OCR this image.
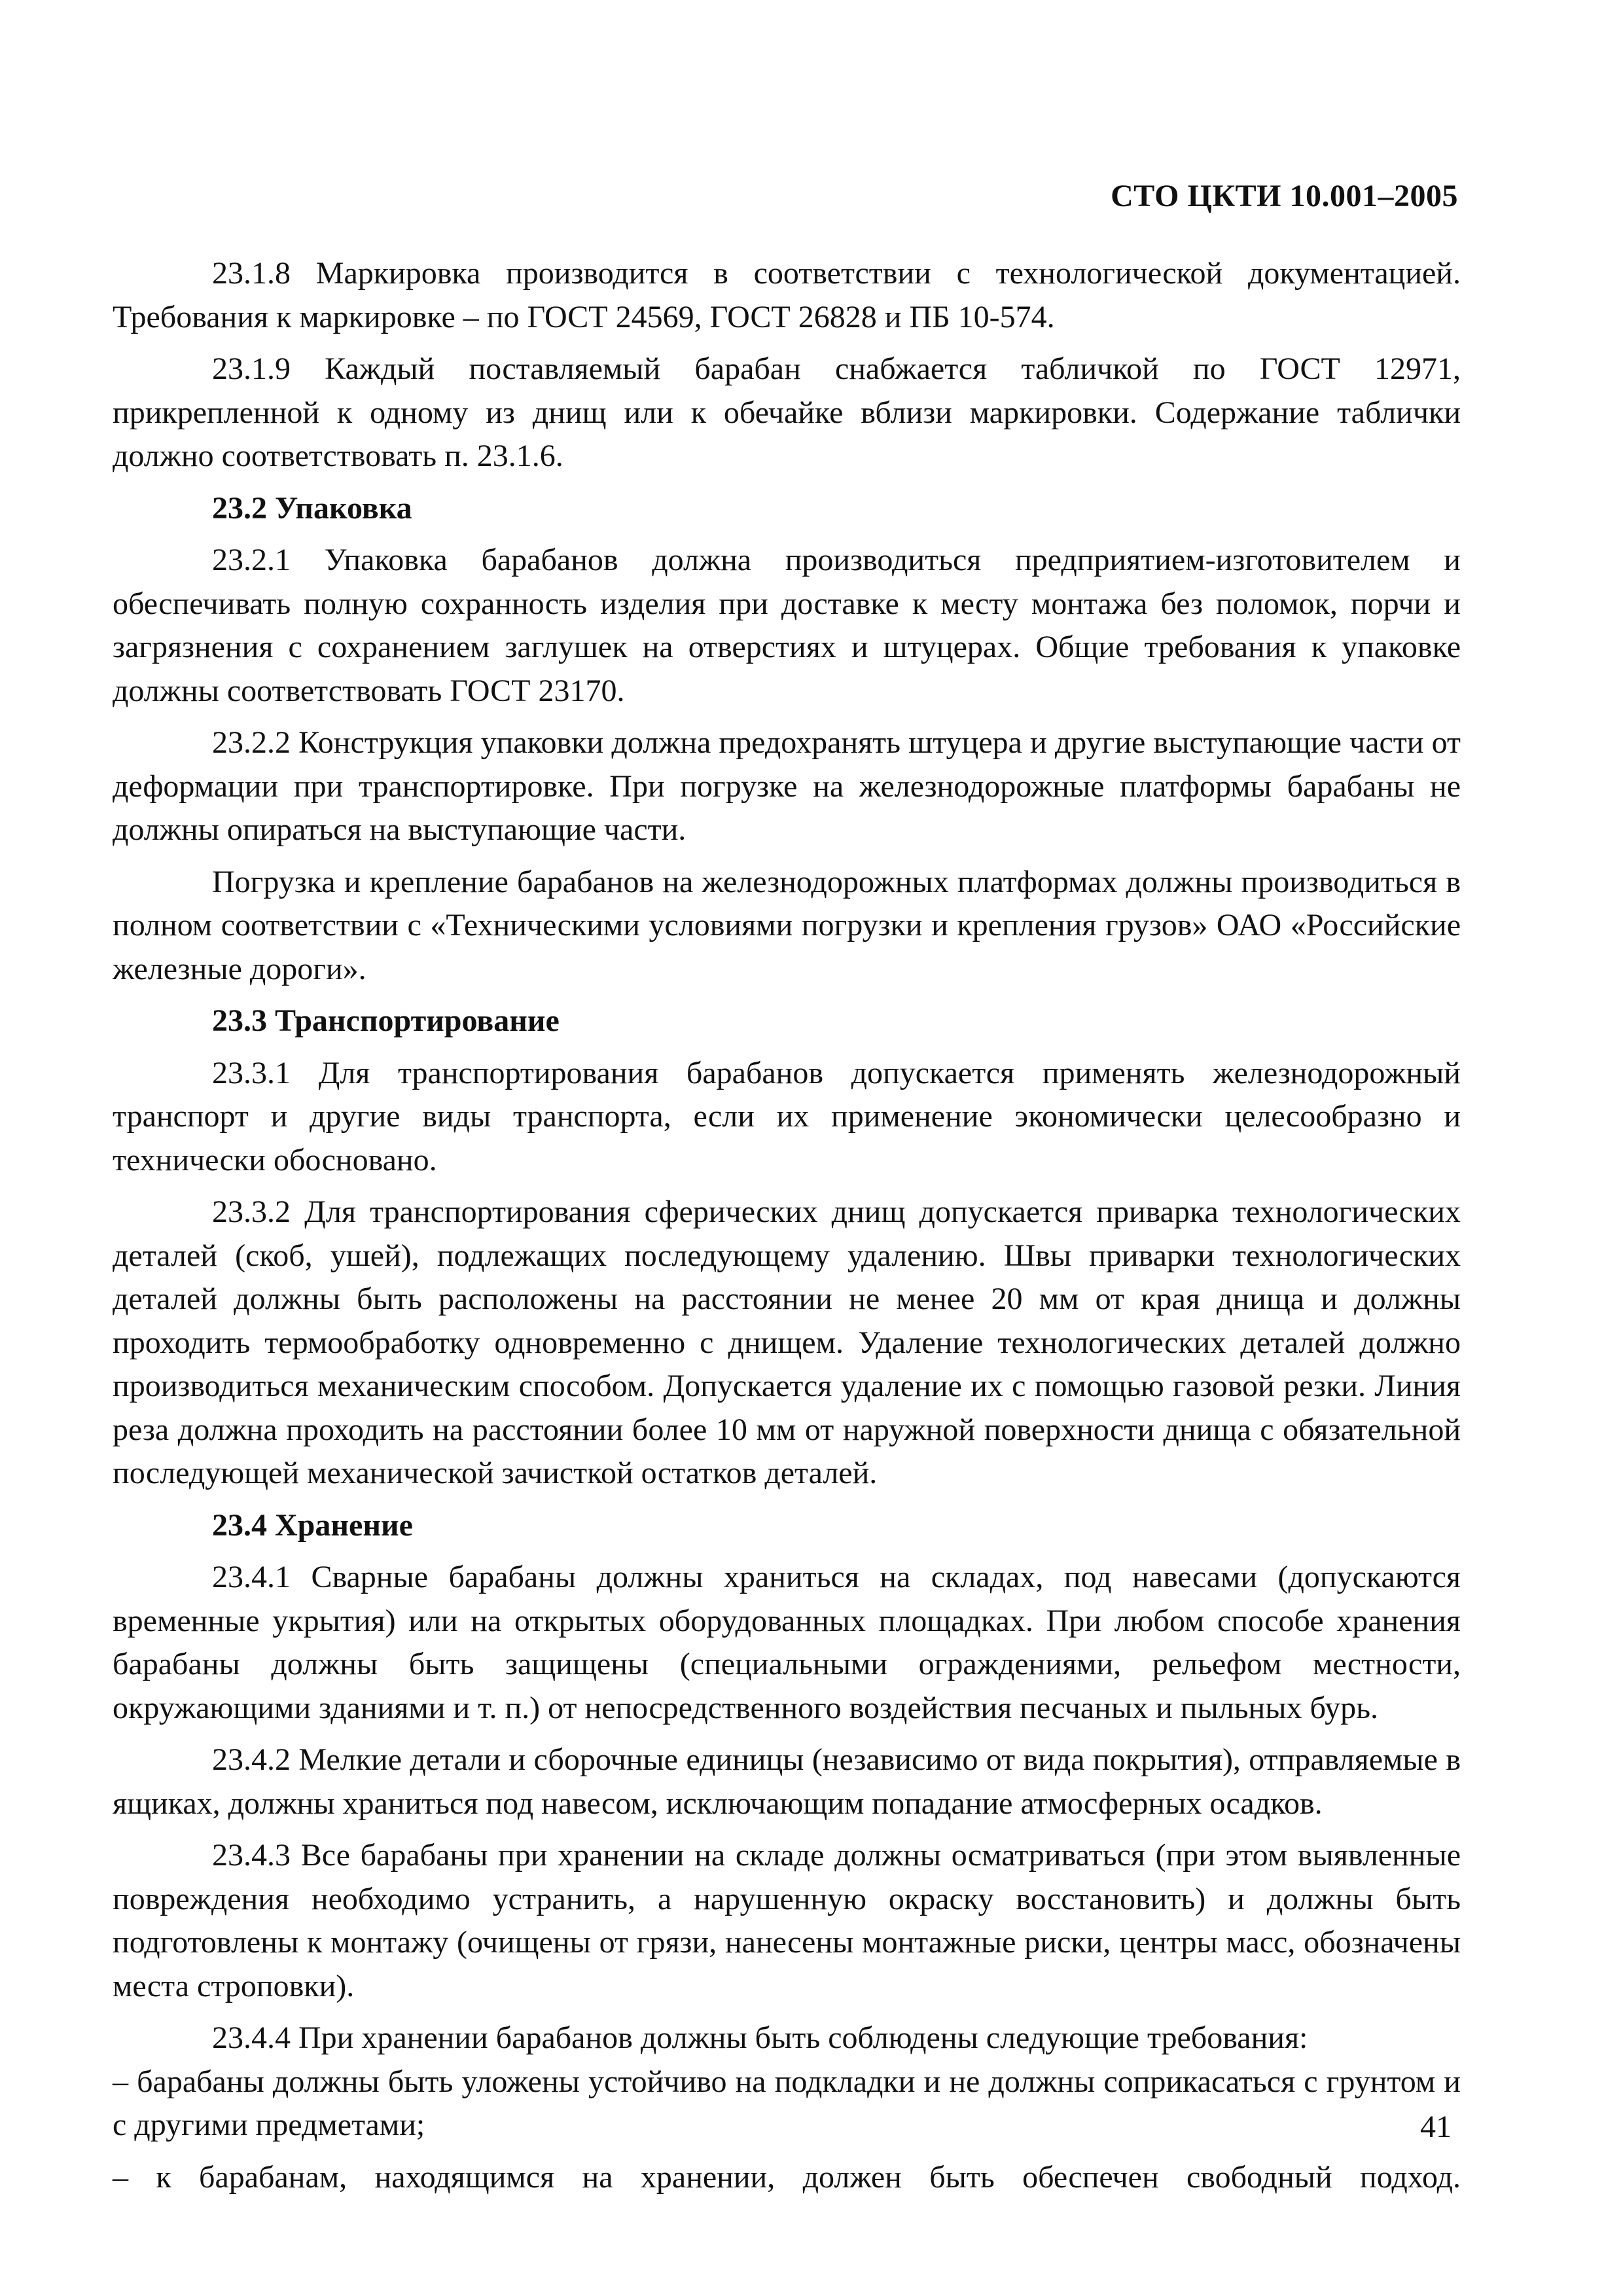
СТО ЦКТИ 10.001–2005

23.1.8 Маркировка производится в соответствии с технологической документацией. Требования к маркировке – по ГОСТ 24569, ГОСТ 26828 и ПБ 10-574.

23.1.9 Каждый поставляемый барабан снабжается табличкой по ГОСТ 12971, прикрепленной к одному из днищ или к обечайке вблизи маркировки. Содержание таблички должно соответствовать п. 23.1.6.

23.2 Упаковка

23.2.1 Упаковка барабанов должна производиться предприятием-изготовителем и обеспечивать полную сохранность изделия при доставке к месту монтажа без поломок, порчи и загрязнения с сохранением заглушек на отверстиях и штуцерах. Общие требования к упаковке должны соответствовать ГОСТ 23170.

23.2.2 Конструкция упаковки должна предохранять штуцера и другие выступающие части от деформации при транспортировке. При погрузке на железнодорожные платформы барабаны не должны опираться на выступающие части.

Погрузка и крепление барабанов на железнодорожных платформах должны производиться в полном соответствии с «Техническими условиями погрузки и крепления грузов» ОАО «Российские железные дороги».

23.3 Транспортирование

23.3.1 Для транспортирования барабанов допускается применять железнодорожный транспорт и другие виды транспорта, если их применение экономически целесообразно и технически обосновано.

23.3.2 Для транспортирования сферических днищ допускается приварка технологических деталей (скоб, ушей), подлежащих последующему удалению. Швы приварки технологических деталей должны быть расположены на расстоянии не менее 20 мм от края днища и должны проходить термообработку одновременно с днищем. Удаление технологических деталей должно производиться механическим способом. Допускается удаление их с помощью газовой резки. Линия реза должна проходить на расстоянии более 10 мм от наружной поверхности днища с обязательной последующей механической зачисткой остатков деталей.

23.4 Хранение

23.4.1 Сварные барабаны должны храниться на складах, под навесами (допускаются временные укрытия) или на открытых оборудованных площадках. При любом способе хранения барабаны должны быть защищены (специальными ограждениями, рельефом местности, окружающими зданиями и т. п.) от непосредственного воздействия песчаных и пыльных бурь.

23.4.2 Мелкие детали и сборочные единицы (независимо от вида покрытия), отправляемые в ящиках, должны храниться под навесом, исключающим попадание атмосферных осадков.

23.4.3 Все барабаны при хранении на складе должны осматриваться (при этом выявленные повреждения необходимо устранить, а нарушенную окраску восстановить) и должны быть подготовлены к монтажу (очищены от грязи, нанесены монтажные риски, центры масс, обозначены места строповки).

23.4.4 При хранении барабанов должны быть соблюдены следующие требования:

– барабаны должны быть уложены устойчиво на подкладки и не должны соприкасаться с грунтом и с другими предметами;

– к барабанам, находящимся на хранении, должен быть обеспечен свободный подход.

41
